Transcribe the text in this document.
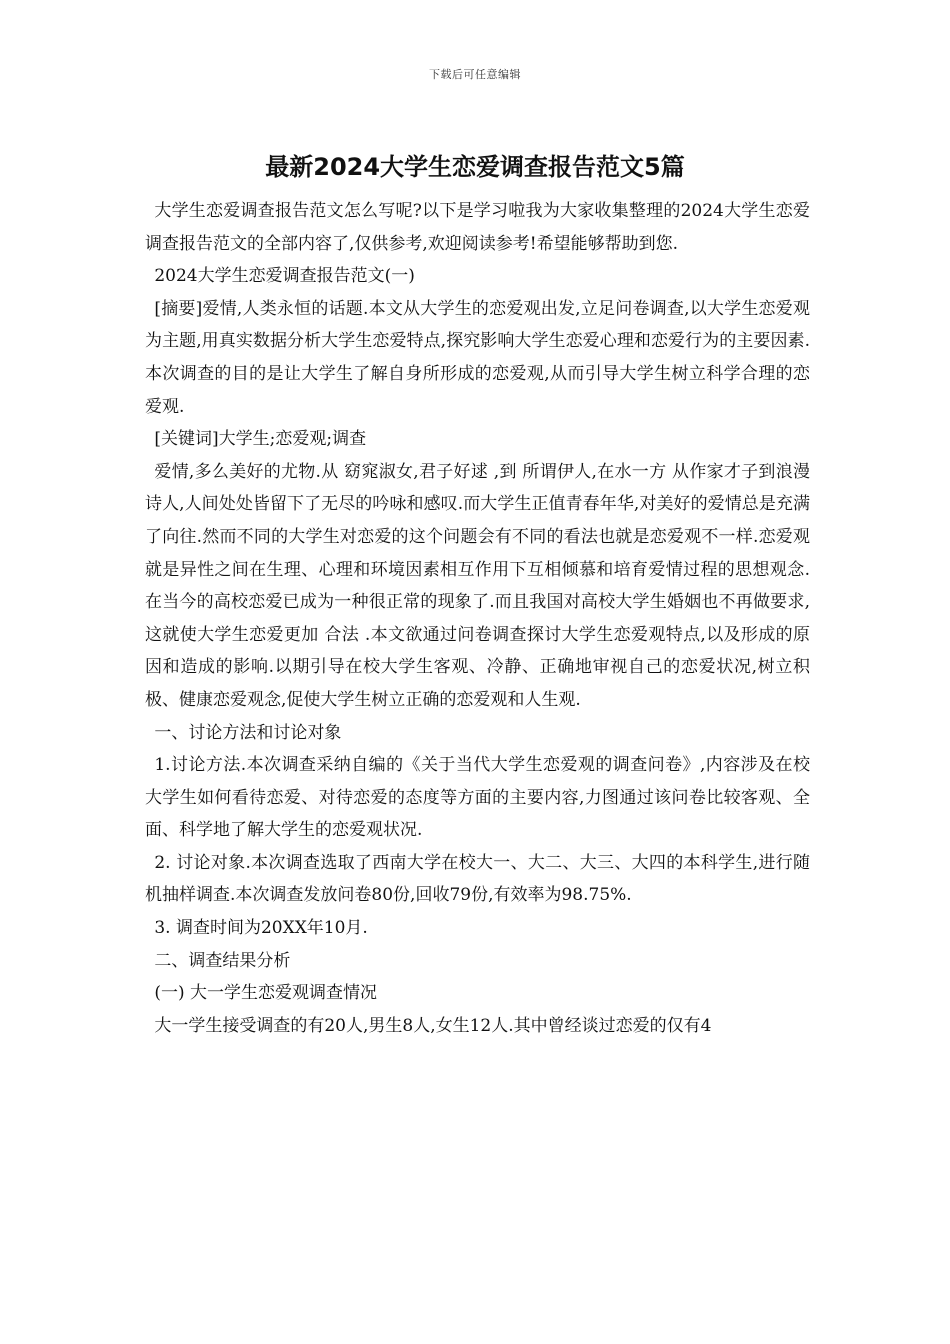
下载后可任意编辑
最新2024大学生恋爱调查报告范文5篇

大学生恋爱调查报告范文怎么写呢?以下是学习啦我为大家收集整理的2024大学生恋爱调查报告范文的全部内容了,仅供参考,欢迎阅读参考!希望能够帮助到您.

2024大学生恋爱调查报告范文(一)

[摘要]爱情,人类永恒的话题.本文从大学生的恋爱观出发,立足问卷调查,以大学生恋爱观为主题,用真实数据分析大学生恋爱特点,探究影响大学生恋爱心理和恋爱行为的主要因素.本次调查的目的是让大学生了解自身所形成的恋爱观,从而引导大学生树立科学合理的恋爱观.

[关键词]大学生;恋爱观;调查

爱情,多么美好的尤物.从 窈窕淑女,君子好逑 ,到 所谓伊人,在水一方 从作家才子到浪漫诗人,人间处处皆留下了无尽的吟咏和感叹.而大学生正值青春年华,对美好的爱情总是充满了向往.然而不同的大学生对恋爱的这个问题会有不同的看法也就是恋爱观不一样.恋爱观就是异性之间在生理、心理和环境因素相互作用下互相倾慕和培育爱情过程的思想观念.在当今的高校恋爱已成为一种很正常的现象了.而且我国对高校大学生婚姻也不再做要求,这就使大学生恋爱更加 合法 .本文欲通过问卷调查探讨大学生恋爱观特点,以及形成的原因和造成的影响.以期引导在校大学生客观、冷静、正确地审视自己的恋爱状况,树立积极、健康恋爱观念,促使大学生树立正确的恋爱观和人生观.

一、讨论方法和讨论对象

1.讨论方法.本次调查采纳自编的《关于当代大学生恋爱观的调查问卷》,内容涉及在校大学生如何看待恋爱、对待恋爱的态度等方面的主要内容,力图通过该问卷比较客观、全面、科学地了解大学生的恋爱观状况.

2. 讨论对象.本次调查选取了西南大学在校大一、大二、大三、大四的本科学生,进行随机抽样调查.本次调查发放问卷80份,回收79份,有效率为98.75%.

3. 调查时间为20XX年10月.

二、调查结果分析

(一) 大一学生恋爱观调查情况

大一学生接受调查的有20人,男生8人,女生12人.其中曾经谈过恋爱的仅有4
